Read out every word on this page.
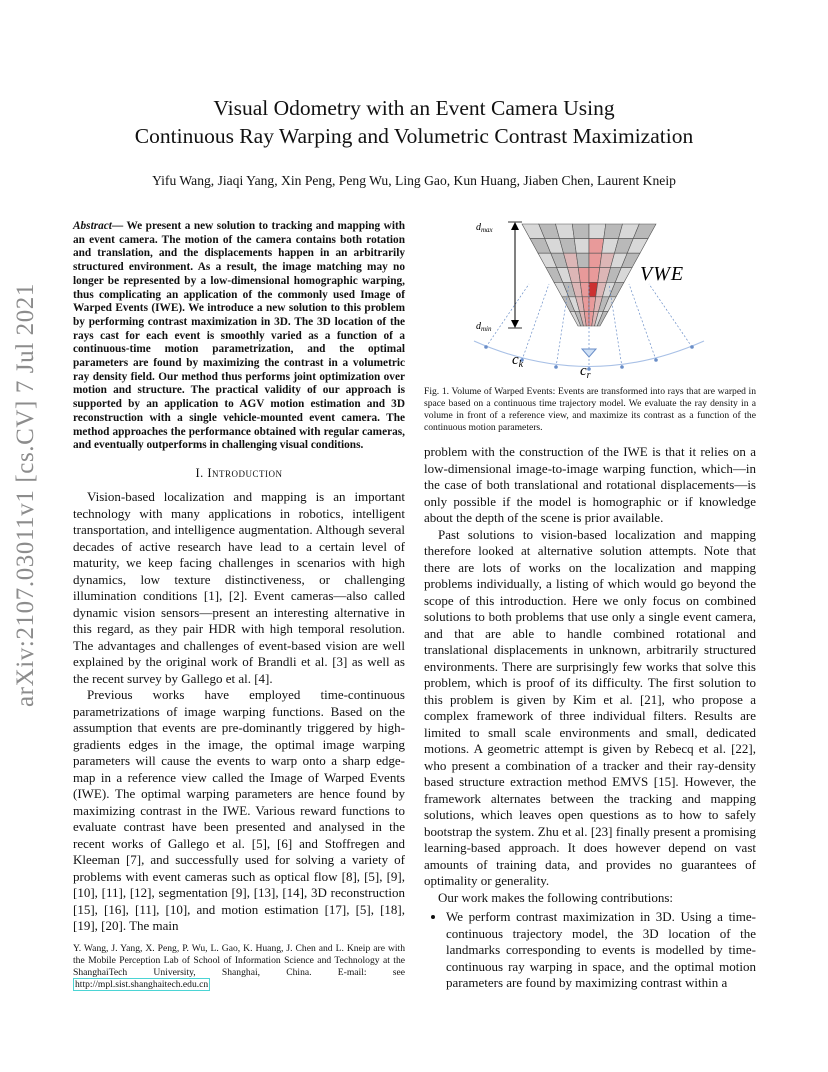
arXiv:2107.03011v1 [cs.CV] 7 Jul 2021
Visual Odometry with an Event Camera Using
Continuous Ray Warping and Volumetric Contrast Maximization
Yifu Wang, Jiaqi Yang, Xin Peng, Peng Wu, Ling Gao, Kun Huang, Jiaben Chen, Laurent Kneip

Abstract— We present a new solution to tracking and mapping with an event camera. The motion of the camera contains both rotation and translation, and the displacements happen in an arbitrarily structured environment. As a result, the image matching may no longer be represented by a low-dimensional homographic warping, thus complicating an application of the commonly used Image of Warped Events (IWE). We introduce a new solution to this problem by performing contrast maximization in 3D. The 3D location of the rays cast for each event is smoothly varied as a function of a continuous-time motion parametrization, and the optimal parameters are found by maximizing the contrast in a volumetric ray density field. Our method thus performs joint optimization over motion and structure. The practical validity of our approach is supported by an application to AGV motion estimation and 3D reconstruction with a single vehicle-mounted event camera. The method approaches the performance obtained with regular cameras, and eventually outperforms in challenging visual conditions.

I. Introduction

Vision-based localization and mapping is an important technology with many applications in robotics, intelligent transportation, and intelligence augmentation. Although several decades of active research have lead to a certain level of maturity, we keep facing challenges in scenarios with high dynamics, low texture distinctiveness, or challenging illumination conditions [1], [2]. Event cameras—also called dynamic vision sensors—present an interesting alternative in this regard, as they pair HDR with high temporal resolution. The advantages and challenges of event-based vision are well explained by the original work of Brandli et al. [3] as well as the recent survey by Gallego et al. [4].

Previous works have employed time-continuous parametrizations of image warping functions. Based on the assumption that events are pre-dominantly triggered by high-gradients edges in the image, the optimal image warping parameters will cause the events to warp onto a sharp edge-map in a reference view called the Image of Warped Events (IWE). The optimal warping parameters are hence found by maximizing contrast in the IWE. Various reward functions to evaluate contrast have been presented and analysed in the recent works of Gallego et al. [5], [6] and Stoffregen and Kleeman [7], and successfully used for solving a variety of problems with event cameras such as optical flow [8], [5], [9], [10], [11], [12], segmentation [9], [13], [14], 3D reconstruction [15], [16], [11], [10], and motion estimation [17], [5], [18], [19], [20]. The main

Y. Wang, J. Yang, X. Peng, P. Wu, L. Gao, K. Huang, J. Chen and L. Kneip are with the Mobile Perception Lab of School of Information Science and Technology at the ShanghaiTech University, Shanghai, China. E-mail: see http://mpl.sist.shanghaitech.edu.cn
$d_{max}$
$d_{min}$
VWE
$c_k$	$c_r$
Fig. 1. Volume of Warped Events: Events are transformed into rays that are warped in space based on a continuous time trajectory model. We evaluate the ray density in a volume in front of a reference view, and maximize its contrast as a function of the continuous motion parameters.

problem with the construction of the IWE is that it relies on a low-dimensional image-to-image warping function, which—in the case of both translational and rotational displacements—is only possible if the model is homographic or if knowledge about the depth of the scene is prior available.

Past solutions to vision-based localization and mapping therefore looked at alternative solution attempts. Note that there are lots of works on the localization and mapping problems individually, a listing of which would go beyond the scope of this introduction. Here we only focus on combined solutions to both problems that use only a single event camera, and that are able to handle combined rotational and translational displacements in unknown, arbitrarily structured environments. There are surprisingly few works that solve this problem, which is proof of its difficulty. The first solution to this problem is given by Kim et al. [21], who propose a complex framework of three individual filters. Results are limited to small scale environments and small, dedicated motions. A geometric attempt is given by Rebecq et al. [22], who present a combination of a tracker and their ray-density based structure extraction method EMVS [15]. However, the framework alternates between the tracking and mapping solutions, which leaves open questions as to how to safely bootstrap the system. Zhu et al. [23] finally present a promising learning-based approach. It does however depend on vast amounts of training data, and provides no guarantees of optimality or generality.

Our work makes the following contributions:

• We perform contrast maximization in 3D. Using a time-continuous trajectory model, the 3D location of the landmarks corresponding to events is modelled by time-continuous ray warping in space, and the optimal motion parameters are found by maximizing contrast within a
